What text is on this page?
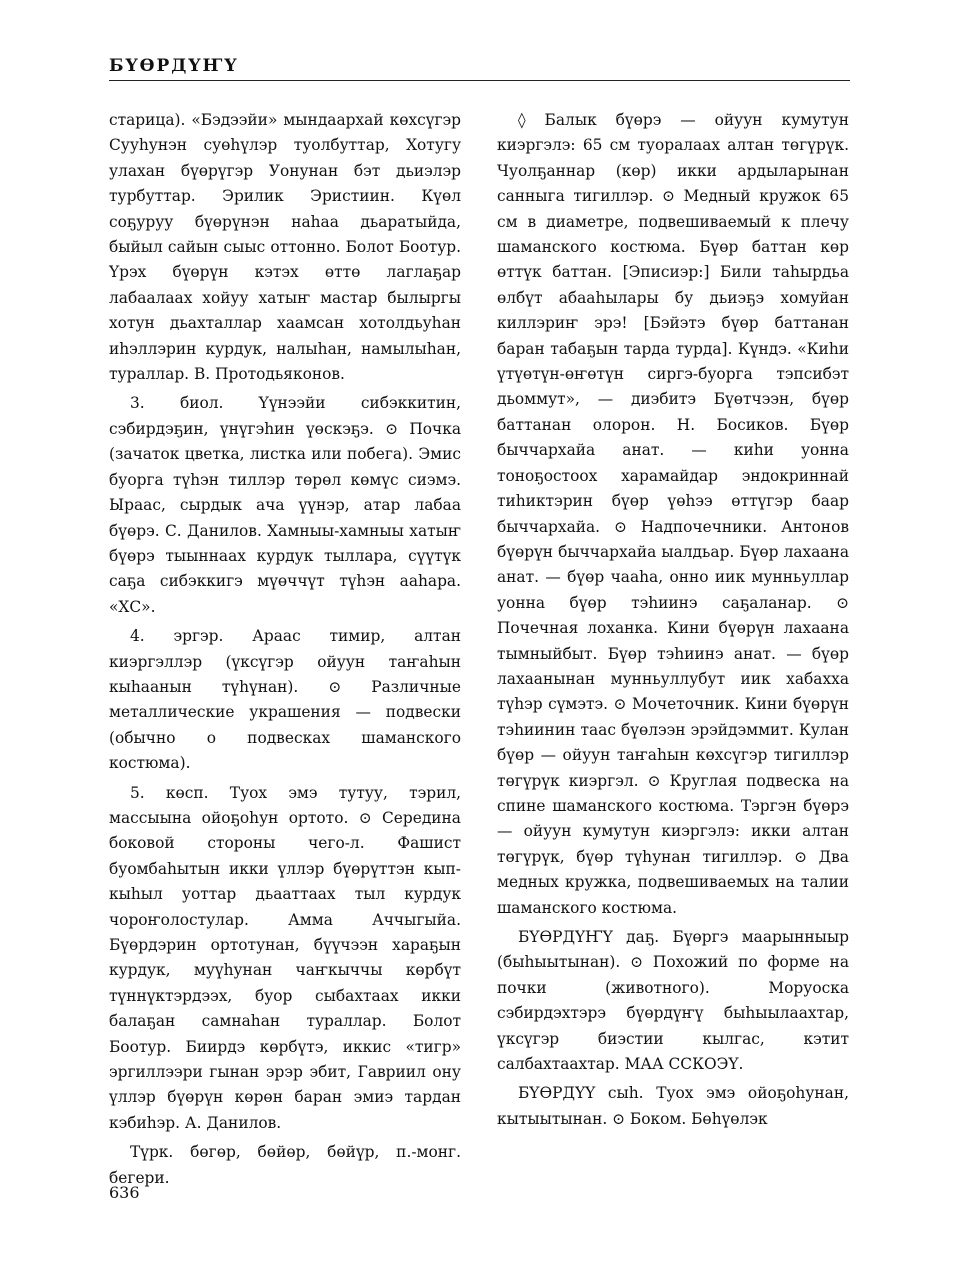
БҮӨРДҮҤҮ

старица). «Бэдээйи» мындаархай көхсүгэр Сууһунэн суөһүлэр туолбуттар, Хотугу улахан бүөрүгэр Уонунан бэт дьиэлэр турбуттар. Эрилик Эристиин. Күөл соҕуруу бүөрүнэн наһаа дьаратыйда, быйыл сайын сыыс оттонно. Болот Боотур. Үрэх бүөрүн кэтэх өттө лаглаҕар лабаалаах хойуу хатыҥ мастар былыргы хотун дьахталлар хаамсан хотолдьуһан иһэллэрин курдук, налыһан, намылыһан, тураллар. В. Протодьяконов.

3. биол. Үүнээйи сибэккитин, сэбирдэҕин, үнүгэһин үөскэҕэ. ⊙ Почка (зачаток цветка, листка или побега). Эмис буорга түһэн тиллэр төрөл көмүс сиэмэ. Ыраас, сырдык ача үүнэр, атар лабаа бүөрэ. С. Данилов. Хамныы-хамныы хатыҥ бүөрэ тыыннаах курдук тыллара, сүүтүк саҕа сибэккигэ мүөччүт түһэн ааһара. «ХС».

4. эргэр. Араас тимир, алтан киэргэллэр (үксүгэр ойуун таҥаһын кыһаанын түһүнан). ⊙ Различные металлические украшения — подвески (обычно о подвесках шаманского костюма).

5. көсп. Туох эмэ тутуу, тэрил, массыына ойоҕоһун ортото. ⊙ Середина боковой стороны чего-л. Фашист буомбаһытын икки үллэр бүөрүттэн кып-кыһыл уоттар дьааттаах тыл курдук чороҥолостулар. Амма Аччыгыйа. Бүөрдэрин ортотунан, бүүчээн хараҕын курдук, муүһунан чаҥкыччы көрбүт түннүктэрдээх, буор сыбахтаах икки балаҕан самнаһан тураллар. Болот Боотур. Биирдэ көрбүтэ, иккис «тигр» эргиллээри гынан эрэр эбит, Гавриил ону үллэр бүөрүн көрөн баран эмиэ тардан кэбиһэр. А. Данилов.

Түрк. бөгөр, бөйөр, бөйүр, п.-монг. бегери.

◊ Балык бүөрэ — ойуун кумутун киэргэлэ: 65 см туоралаах алтан төгүрүк. Чуолҕаннар (көр) икки ардыларынан санныга тигиллэр. ⊙ Медный кружок 65 см в диаметре, подвешиваемый к плечу шаманского костюма. Бүөр баттан көр өттүк баттан. [Эписиэр:] Били таһырдьа өлбүт абааһылары бу дьиэҕэ хомуйан киллэриҥ эрэ! [Бэйэтэ бүөр баттанан баран табаҕын тарда турда]. Күндэ. «Киһи үтүөтүн-өҥөтүн сиргэ-буорга тэпсибэт дьоммут», — диэбитэ Бүөтчээн, бүөр баттанан олорон. Н. Босиков. Бүөр быччархайа анат. — киһи уонна тоноҕостоох харамайдар эндокриннай тиһиктэрин бүөр үөһээ өттүгэр баар быччархайа. ⊙ Надпочечники. Антонов бүөрүн быччархайа ыалдьар. Бүөр лахаана анат. — бүөр чааһа, онно иик мунньуллар уонна бүөр тэһиинэ саҕаланар. ⊙ Почечная лоханка. Кини бүөрүн лахаана тымныйбыт. Бүөр тэһиинэ анат. — бүөр лахаанынан мунньуллубут иик хабахха түһэр сүмэтэ. ⊙ Мочеточник. Кини бүөрүн тэһиинин таас бүөлээн эрэйдэммит. Кулан бүөр — ойуун таҥаһын көхсүгэр тигиллэр төгүрүк киэргэл. ⊙ Круглая подвеска на спине шаманского костюма. Тэргэн бүөрэ — ойуун кумутун киэргэлэ: икки алтан төгүрүк, бүөр түһунан тигиллэр. ⊙ Два медных кружка, подвешиваемых на талии шаманского костюма.

БҮӨРДҮҤҮ даҕ. Бүөргэ маарынныыр (быһыытынан). ⊙ Похожий по форме на почки (животного). Моруоска сэбирдэхтэрэ бүөрдүҥү быһыылаахтар, үксүгэр биэстии кылгас, кэтит салбахтаахтар. МАА ССКОЭҮ.

БҮӨРДҮҮ сыһ. Туох эмэ ойоҕоһунан, кытыытынан. ⊙ Боком. Бөһүөлэк

636
